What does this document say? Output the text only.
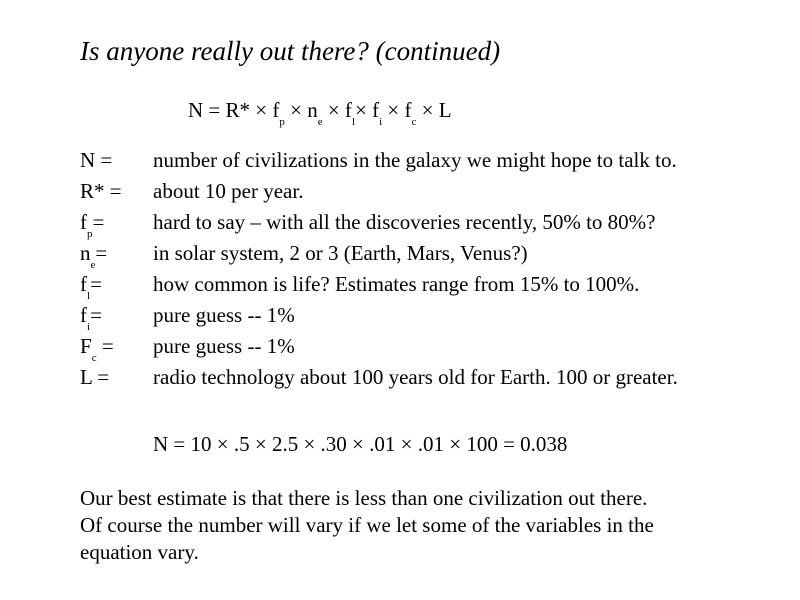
Is anyone really out there? (continued)
$N = R* \times f_p \times n_e \times f_l\times f_i \times f_c \times L$
N = number of civilizations in the galaxy we might hope to talk to.
R* = about 10 per year.
$f_p=$ hard to say – with all the discoveries recently, 50% to 80%?
$n_e=$ in solar system, 2 or 3 (Earth, Mars, Venus?)
$f_l=$ how common is life? Estimates range from 15% to 100%.
$f_i=$ pure guess -- 1%
$F_c$ = pure guess -- 1%
L = radio technology about 100 years old for Earth. 100 or greater.
N = 10 × .5 × 2.5 × .30 × .01 × .01 × 100 = 0.038
Our best estimate is that there is less than one civilization out there.
Of course the number will vary if we let some of the variables in the
equation vary.
